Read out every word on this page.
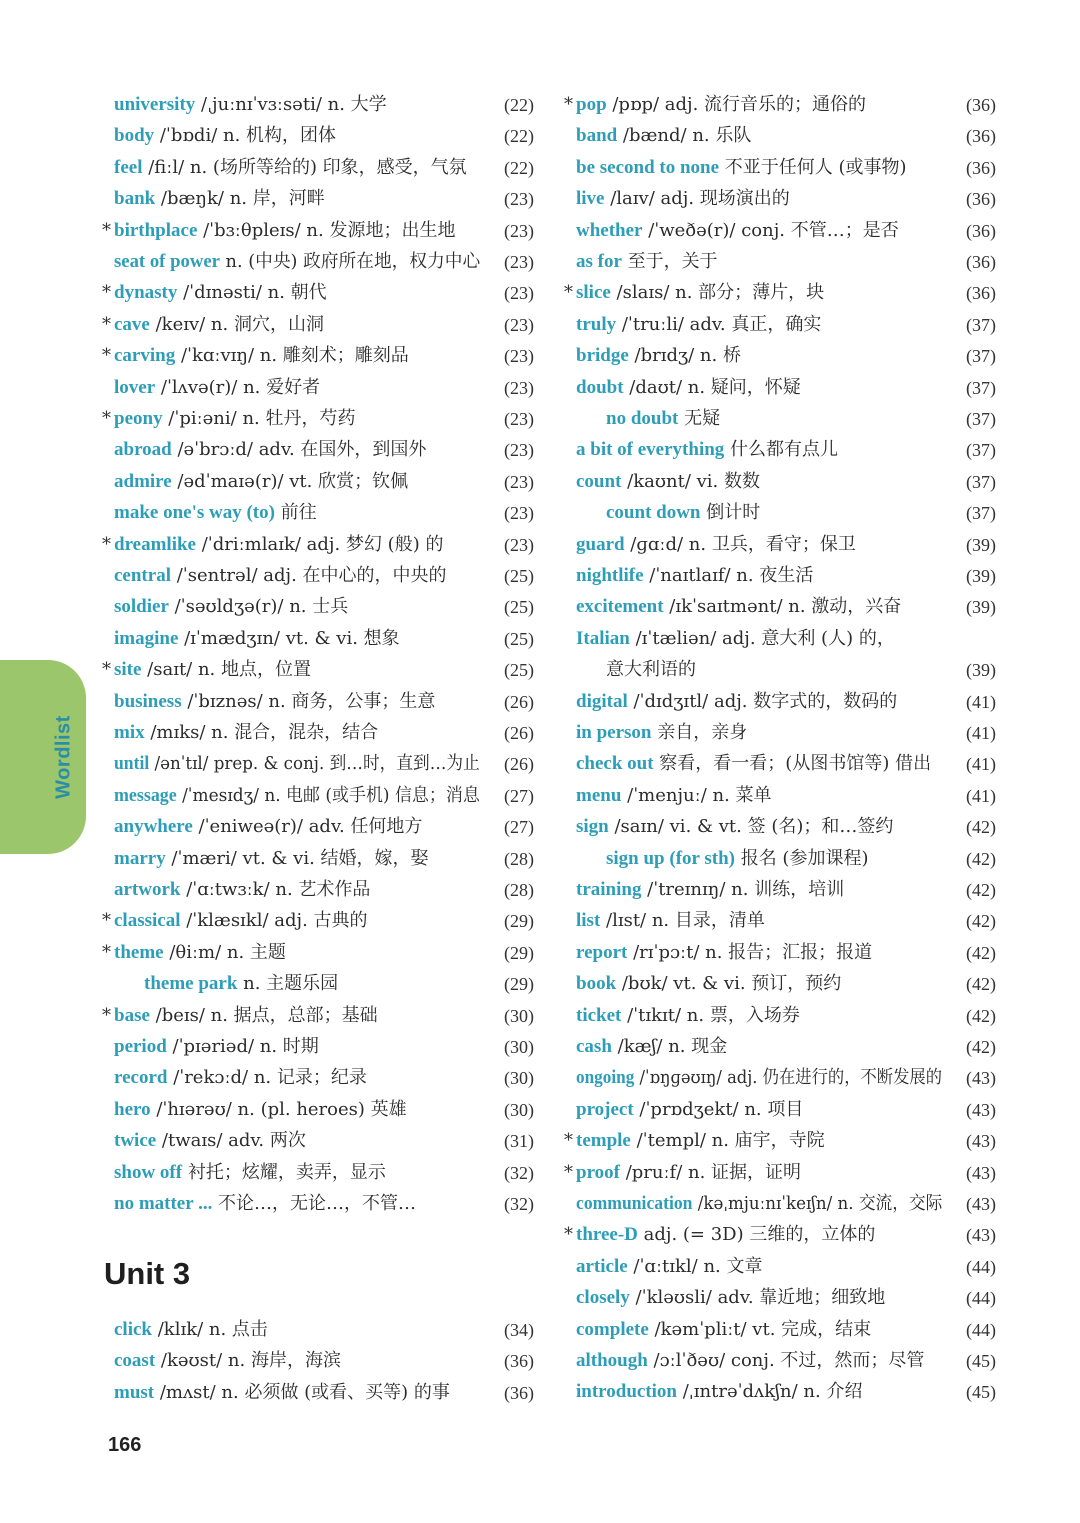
Wordlist
Unit 3
166
university /ˌjuːnɪˈvɜːsəti/ n. 大学	(22)
body /ˈbɒdi/ n. 机构，团体	(22)
feel /fiːl/ n. (场所等给的) 印象，感受，气氛	(22)
bank /bæŋk/ n. 岸，河畔	(23)
* birthplace /ˈbɜːθpleɪs/ n. 发源地；出生地	(23)
seat of power n. (中央) 政府所在地，权力中心	(23)
* dynasty /ˈdɪnəsti/ n. 朝代	(23)
* cave /keɪv/ n. 洞穴，山洞	(23)
* carving /ˈkɑːvɪŋ/ n. 雕刻术；雕刻品	(23)
lover /ˈlʌvə(r)/ n. 爱好者	(23)
* peony /ˈpiːəni/ n. 牡丹，芍药	(23)
abroad /əˈbrɔːd/ adv. 在国外，到国外	(23)
admire /ədˈmaɪə(r)/ vt. 欣赏；钦佩	(23)
make one's way (to) 前往	(23)
* dreamlike /ˈdriːmlaɪk/ adj. 梦幻 (般) 的	(23)
central /ˈsentrəl/ adj. 在中心的，中央的	(25)
soldier /ˈsəʊldʒə(r)/ n. 士兵	(25)
imagine /ɪˈmædʒɪn/ vt. & vi. 想象	(25)
* site /saɪt/ n. 地点，位置	(25)
business /ˈbɪznəs/ n. 商务，公事；生意	(26)
mix /mɪks/ n. 混合，混杂，结合	(26)
until /ənˈtɪl/ prep. & conj. 到…时，直到…为止	(26)
message /ˈmesɪdʒ/ n. 电邮 (或手机) 信息；消息	(27)
anywhere /ˈeniweə(r)/ adv. 任何地方	(27)
marry /ˈmæri/ vt. & vi. 结婚，嫁，娶	(28)
artwork /ˈɑːtwɜːk/ n. 艺术作品	(28)
* classical /ˈklæsɪkl/ adj. 古典的	(29)
* theme /θiːm/ n. 主题	(29)
theme park n. 主题乐园	(29)
* base /beɪs/ n. 据点，总部；基础	(30)
period /ˈpɪəriəd/ n. 时期	(30)
record /ˈrekɔːd/ n. 记录；纪录	(30)
hero /ˈhɪərəʊ/ n. (pl. heroes) 英雄	(30)
twice /twaɪs/ adv. 两次	(31)
show off 衬托；炫耀，卖弄，显示	(32)
no matter ... 不论…，无论…，不管…	(32)
click /klɪk/ n. 点击	(34)
coast /kəʊst/ n. 海岸，海滨	(36)
must /mʌst/ n. 必须做 (或看、买等) 的事	(36)
* pop /pɒp/ adj. 流行音乐的；通俗的	(36)
band /bænd/ n. 乐队	(36)
be second to none 不亚于任何人 (或事物)	(36)
live /laɪv/ adj. 现场演出的	(36)
whether /ˈweðə(r)/ conj. 不管…；是否	(36)
as for 至于，关于	(36)
* slice /slaɪs/ n. 部分；薄片，块	(36)
truly /ˈtruːli/ adv. 真正，确实	(37)
bridge /brɪdʒ/ n. 桥	(37)
doubt /daʊt/ n. 疑问，怀疑	(37)
no doubt 无疑	(37)
a bit of everything 什么都有点儿	(37)
count /kaʊnt/ vi. 数数	(37)
count down 倒计时	(37)
guard /ɡɑːd/ n. 卫兵，看守；保卫	(39)
nightlife /ˈnaɪtlaɪf/ n. 夜生活	(39)
excitement /ɪkˈsaɪtmənt/ n. 激动，兴奋	(39)
Italian /ɪˈtæliən/ adj. 意大利 (人) 的，
意大利语的	(39)
digital /ˈdɪdʒɪtl/ adj. 数字式的，数码的	(41)
in person 亲自，亲身	(41)
check out 察看，看一看；(从图书馆等) 借出	(41)
menu /ˈmenjuː/ n. 菜单	(41)
sign /saɪn/ vi. & vt. 签 (名)；和…签约	(42)
sign up (for sth) 报名 (参加课程)	(42)
training /ˈtreɪnɪŋ/ n. 训练，培训	(42)
list /lɪst/ n. 目录，清单	(42)
report /rɪˈpɔːt/ n. 报告；汇报；报道	(42)
book /bʊk/ vt. & vi. 预订，预约	(42)
ticket /ˈtɪkɪt/ n. 票，入场券	(42)
cash /kæʃ/ n. 现金	(42)
ongoing /ˈɒŋɡəʊɪŋ/ adj. 仍在进行的，不断发展的	(43)
project /ˈprɒdʒekt/ n. 项目	(43)
* temple /ˈtempl/ n. 庙宇，寺院	(43)
* proof /pruːf/ n. 证据，证明	(43)
communication /kəˌmjuːnɪˈkeɪʃn/ n. 交流，交际	(43)
* three-D adj. (= 3D) 三维的，立体的	(43)
article /ˈɑːtɪkl/ n. 文章	(44)
closely /ˈkləʊsli/ adv. 靠近地；细致地	(44)
complete /kəmˈpliːt/ vt. 完成，结束	(44)
although /ɔːlˈðəʊ/ conj. 不过，然而；尽管	(45)
introduction /ˌɪntrəˈdʌkʃn/ n. 介绍	(45)
